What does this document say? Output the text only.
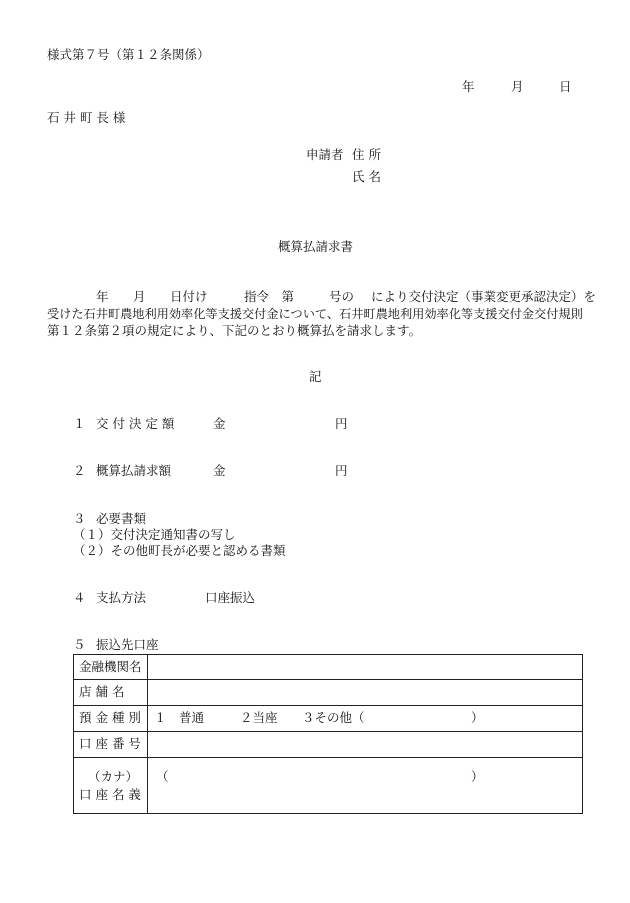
様式第７号（第１２条関係）
年	月	日
石 井 町 長 様
申請者 住 所
氏 名
概算払請求書
年 月 日付け	指令　第	号の により交付決定（事業変更承認決定）を
受けた石井町農地利用効率化等支援交付金について、石井町農地利用効率化等支援交付金交付規則
第１２条第２項の規定により、下記のとおり概算払を請求します。
記
１ 交 付 決 定 額	金	円
２ 概算払請求額	金	円
３ 必要書類
（１）交付決定通知書の写し
（２）その他町長が必要と認める書類
４ 支払方法	口座振込
５ 振込先口座
金融機関名	
店 舗 名	
預 金 種 別	１　普通 ２当座 ３その他（ ）

口 座 番 号	

（カナ）
口 座 名 義	（ ）
